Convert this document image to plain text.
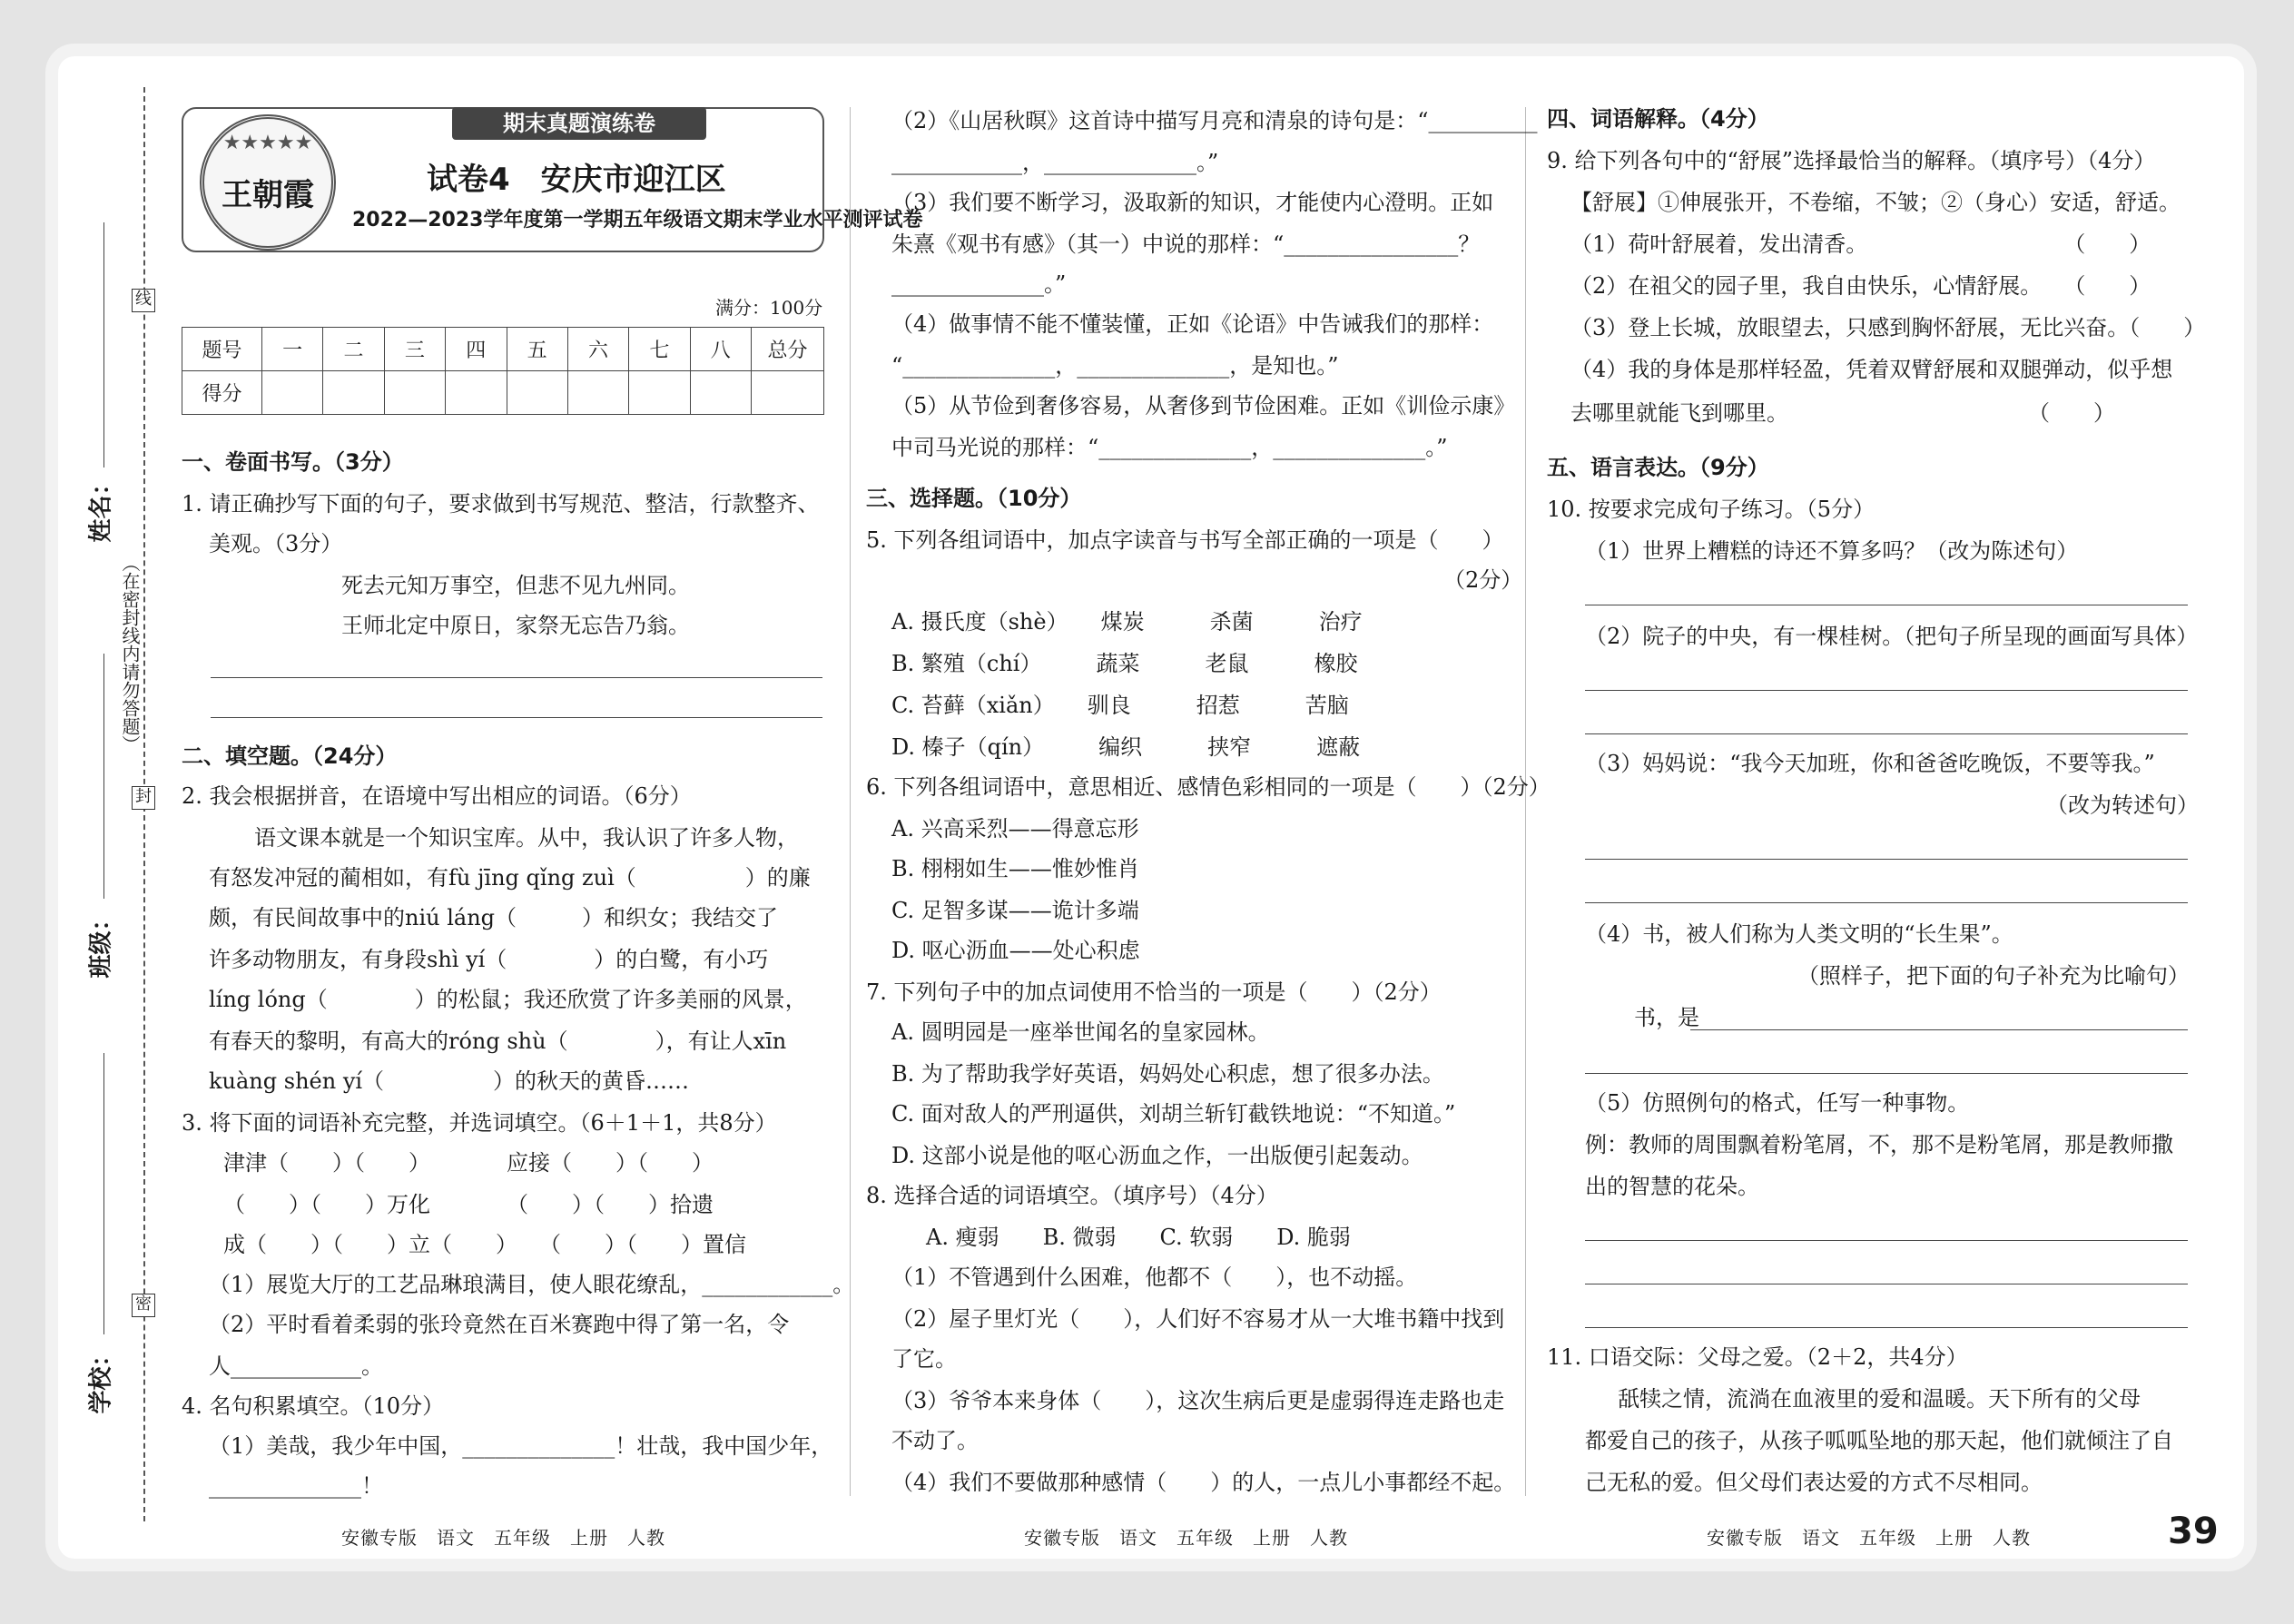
姓名：
班级：
学校：
线
封
密
（在密封线内请勿答题）
期末真题演练卷
★★★★★
王朝霞	试卷4　安庆市迎江区
2022—2023学年度第一学期五年级语文期末学业水平测评试卷
满分：100分
题号	一	二	三	四	五	六	七	八	总分
得分									
一、卷面书写。（3分）
1. 请正确抄写下面的句子，要求做到书写规范、整洁，行款整齐、
美观。（3分）
死去元知万事空，但悲不见九州同。
王师北定中原日，家祭无忘告乃翁。
二、填空题。（24分）
2. 我会根据拼音，在语境中写出相应的词语。（6分）
语文课本就是一个知识宝库。从中，我认识了许多人物，
有怒发冲冠的蔺相如，有fù jīng qǐng zuì（　　　　　）的廉
颇，有民间故事中的niú láng（　　　）和织女；我结交了
许多动物朋友，有身段shì yí（　　　　）的白鹭，有小巧
líng lóng（　　　　）的松鼠；我还欣赏了许多美丽的风景，
有春天的黎明，有高大的róng shù（　　　　），有让人xīn
kuàng shén yí（　　　　　）的秋天的黄昏……
3. 将下面的词语补充完整，并选词填空。（6＋1＋1，共8分）
津津（　　）（　　）　　　　应接（　　）（　　）
（　　）（　　）万化　　　　（　　）（　　）拾遗
成（　　）（　　）立（　　）　　（　　）（　　）置信
（1）展览大厅的工艺品琳琅满目，使人眼花缭乱，____________。
（2）平时看着柔弱的张玲竟然在百米赛跑中得了第一名，令
人____________。
4. 名句积累填空。（10分）
（1）美哉，我少年中国，______________！壮哉，我中国少年，
______________！
（2）《山居秋暝》这首诗中描写月亮和清泉的诗句是：“__________
____________，______________。”
（3）我们要不断学习，汲取新的知识，才能使内心澄明。正如
朱熹《观书有感》（其一）中说的那样：“________________？
______________。”
（4）做事情不能不懂装懂，正如《论语》中告诫我们的那样：
“______________，______________，是知也。”
（5）从节俭到奢侈容易，从奢侈到节俭困难。正如《训俭示康》
中司马光说的那样：“______________，______________。”
三、选择题。（10分）
5. 下列各组词语中，加点字读音与书写全部正确的一项是（　　）
（2分）
A. 摄氏度（shè）　　煤炭　　　杀菌　　　治疗
B. 繁殖（chí）　　　蔬菜　　　老鼠　　　橡胶
C. 苔藓（xiǎn）　　驯良　　　招惹　　　苦脑
D. 榛子（qín）　　　编织　　　挟窄　　　遮蔽
6. 下列各组词语中，意思相近、感情色彩相同的一项是（　　）（2分）
A. 兴高采烈——得意忘形
B. 栩栩如生——惟妙惟肖
C. 足智多谋——诡计多端
D. 呕心沥血——处心积虑
7. 下列句子中的加点词使用不恰当的一项是（　　）（2分）
A. 圆明园是一座举世闻名的皇家园林。
B. 为了帮助我学好英语，妈妈处心积虑，想了很多办法。
C. 面对敌人的严刑逼供，刘胡兰斩钉截铁地说：“不知道。”
D. 这部小说是他的呕心沥血之作，一出版便引起轰动。
8. 选择合适的词语填空。（填序号）（4分）
A. 瘦弱　　B. 微弱　　C. 软弱　　D. 脆弱
（1）不管遇到什么困难，他都不（　　），也不动摇。
（2）屋子里灯光（　　），人们好不容易才从一大堆书籍中找到
了它。
（3）爷爷本来身体（　　），这次生病后更是虚弱得连走路也走
不动了。
（4）我们不要做那种感情（　　）的人，一点儿小事都经不起。
四、词语解释。（4分）
9. 给下列各句中的“舒展”选择最恰当的解释。（填序号）（4分）
【舒展】①伸展张开，不卷缩，不皱；②（身心）安适，舒适。
（1）荷叶舒展着，发出清香。　　　　　　　　　　（　　）
（2）在祖父的园子里，我自由快乐，心情舒展。　　（　　）
（3）登上长城，放眼望去，只感到胸怀舒展，无比兴奋。（　　）
（4）我的身体是那样轻盈，凭着双臂舒展和双腿弹动，似乎想
去哪里就能飞到哪里。　　　　　　　　　　　　（　　）
五、语言表达。（9分）
10. 按要求完成句子练习。（5分）
（1）世界上糟糕的诗还不算多吗？（改为陈述句）
（2）院子的中央，有一棵桂树。（把句子所呈现的画面写具体）
（3）妈妈说：“我今天加班，你和爸爸吃晚饭，不要等我。”
（改为转述句）
（4）书，被人们称为人类文明的“长生果”。
（照样子，把下面的句子补充为比喻句）
书，是
（5）仿照例句的格式，任写一种事物。
例：教师的周围飘着粉笔屑，不，那不是粉笔屑，那是教师撒
出的智慧的花朵。
11. 口语交际：父母之爱。（2＋2，共4分）
舐犊之情，流淌在血液里的爱和温暖。天下所有的父母
都爱自己的孩子，从孩子呱呱坠地的那天起，他们就倾注了自
己无私的爱。但父母们表达爱的方式不尽相同。
安徽专版　语文　五年级　上册　人教	安徽专版　语文　五年级　上册　人教	安徽专版　语文　五年级　上册　人教	39
